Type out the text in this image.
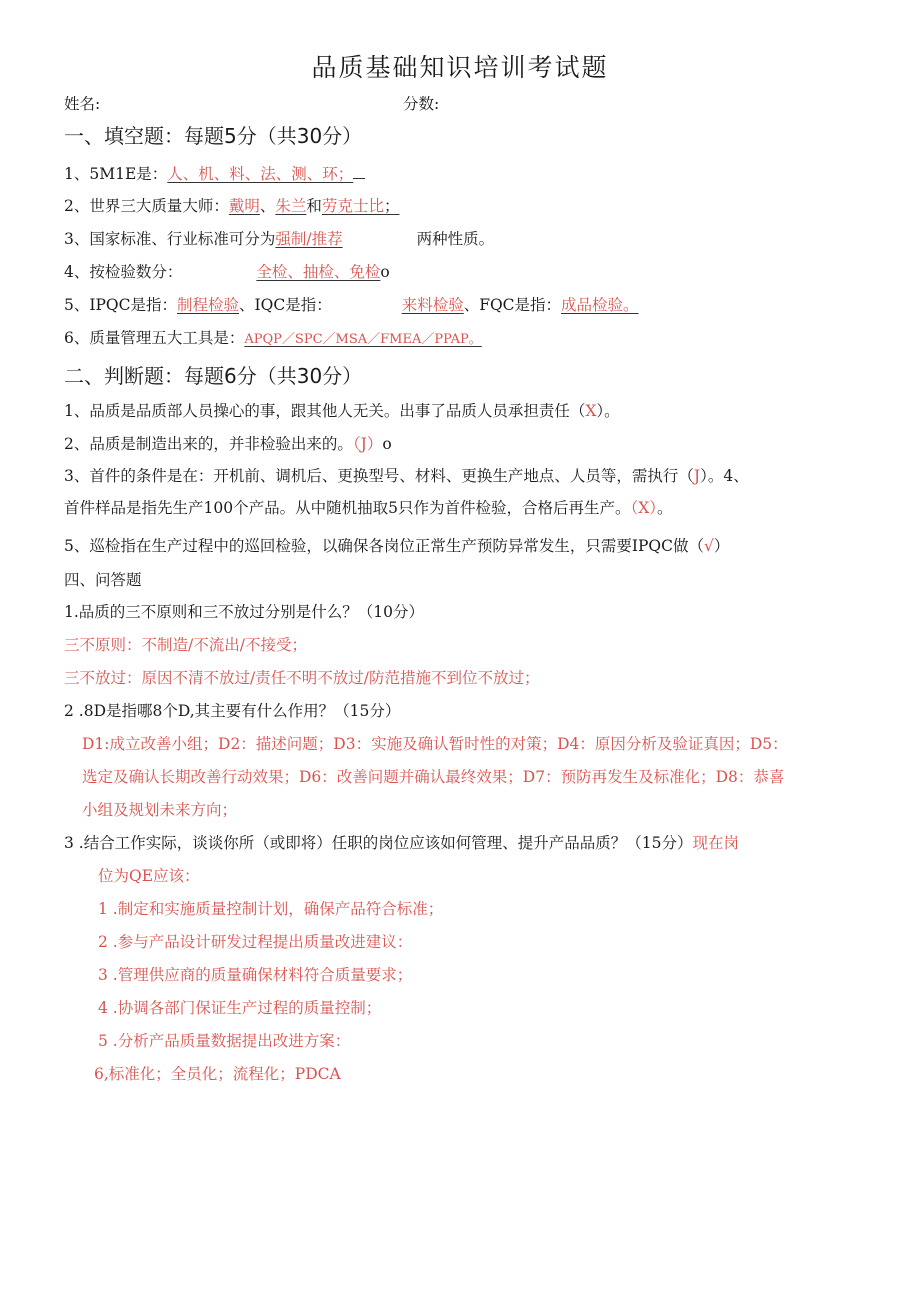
品质基础知识培训考试题
姓名:	分数:
一、填空题：每题5分（共30分）
1、5M1E是：人、机、料、法、测、环；
2、世界三大质量大师：戴明、朱兰和劳克士比；
3、国家标准、行业标准可分为强制/推荐	两种性质。
4、按检验数分：	全检、抽检、免检o
5、IPQC是指：制程检验、IQC是指：	来料检验、FQC是指：成品检验。
6、质量管理五大工具是：APQP／SPC／MSA／FMEA／PPAP。
二、判断题：每题6分（共30分）
1、品质是品质部人员操心的事，跟其他人无关。出事了品质人员承担责任（X）。
2、品质是制造出来的，并非检验出来的。（J）o
3、首件的条件是在：开机前、调机后、更换型号、材料、更换生产地点、人员等，需执行（J）。4、
首件样品是指先生产100个产品。从中随机抽取5只作为首件检验，合格后再生产。（X）。
5、巡检指在生产过程中的巡回检验，以确保各岗位正常生产预防异常发生，只需要IPQC做（√）
四、问答题
1.品质的三不原则和三不放过分别是什么？（10分）
三不原则：不制造/不流出/不接受；
三不放过：原因不清不放过/责任不明不放过/防范措施不到位不放过；
2 .8D是指哪8个D,其主要有什么作用？（15分）
D1:成立改善小组；D2：描述问题；D3：实施及确认暂时性的对策；D4：原因分析及验证真因；D5：
选定及确认长期改善行动效果；D6：改善问题并确认最终效果；D7：预防再发生及标准化；D8：恭喜
小组及规划未来方向；
3 .结合工作实际，谈谈你所（或即将）任职的岗位应该如何管理、提升产品品质？（15分）现在岗
位为QE应该：
1 .制定和实施质量控制计划，确保产品符合标准；
2 .参与产品设计研发过程提出质量改进建议：
3 .管理供应商的质量确保材料符合质量要求；
4 .协调各部门保证生产过程的质量控制；
5 .分析产品质量数据提出改进方案：
6,标准化；全员化；流程化；PDCA
